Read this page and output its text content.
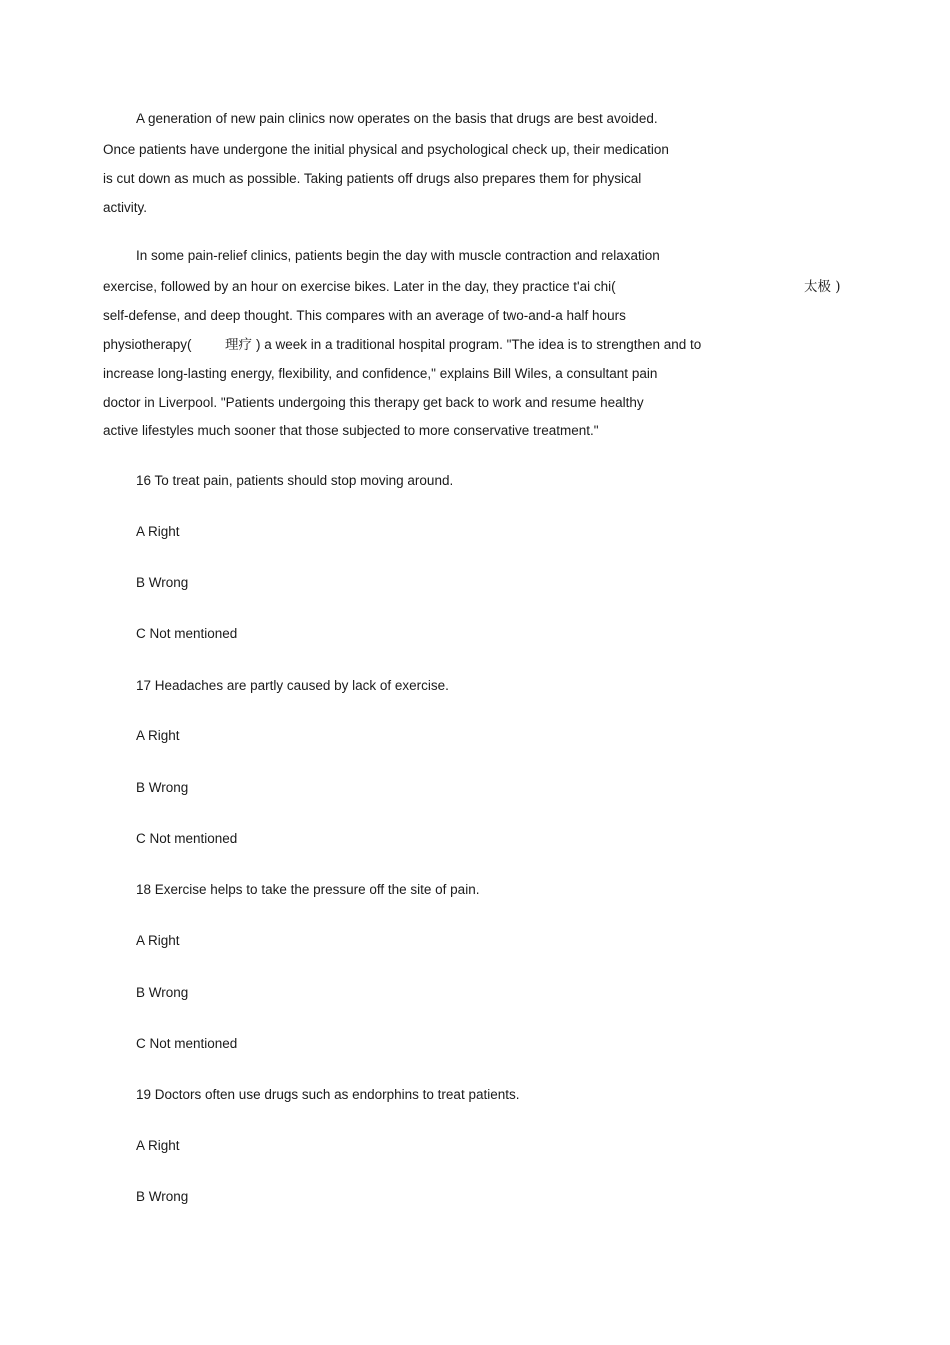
A generation of new pain clinics now operates on the basis that drugs are best avoided.
Once patients have undergone the initial physical and psychological check up, their medication
is cut down as much as possible. Taking patients off drugs also prepares them for physical
activity.
In some pain-relief clinics, patients begin the day with muscle contraction and relaxation
exercise, followed by an hour on exercise bikes. Later in the day, they practice t'ai chi(	太极 )
self-defense, and deep thought. This compares with an average of two-and-a half hours
physiotherapy( 理疗 ) a week in a traditional hospital program. "The idea is to strengthen and to
increase long-lasting energy, flexibility, and confidence," explains Bill Wiles, a consultant pain
doctor in Liverpool. "Patients undergoing this therapy get back to work and resume healthy
active lifestyles much sooner that those subjected to more conservative treatment."
16 To treat pain, patients should stop moving around.
A Right
B Wrong
C Not mentioned
17 Headaches are partly caused by lack of exercise.
A Right
B Wrong
C Not mentioned
18 Exercise helps to take the pressure off the site of pain.
A Right
B Wrong
C Not mentioned
19 Doctors often use drugs such as endorphins to treat patients.
A Right
B Wrong
